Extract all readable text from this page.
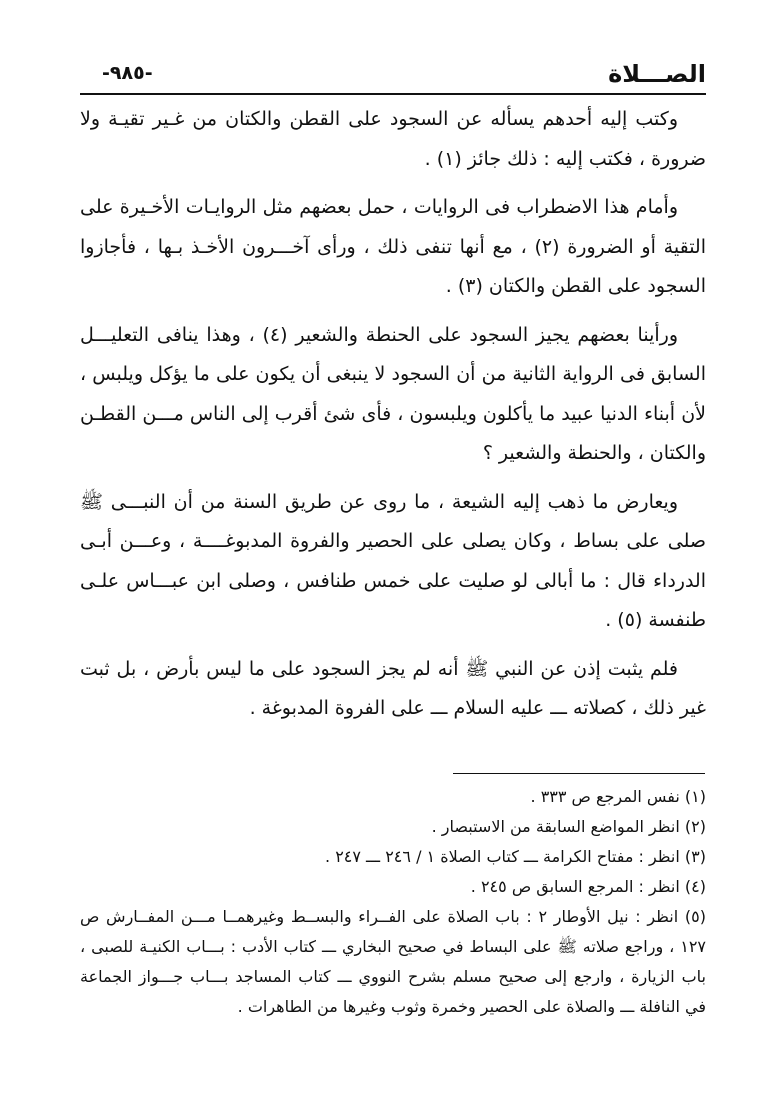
الصـــلاة
-٩٨٥-

وكتب إليه أحدهم يسأله عن السجود على القطن والكتان من غـير تقيـة ولا ضرورة ، فكتب إليه : ذلك جائز (١) .

وأمام هذا الاضطراب فى الروايات ، حمل بعضهم مثل الروايـات الأخـيرة على التقية أو الضرورة (٢) ، مع أنها تنفى ذلك ، ورأى آخـــرون الأخـذ بـها ، فأجازوا السجود على القطن والكتان (٣) .

ورأينا بعضهم يجيز السجود على الحنطة والشعير (٤) ، وهذا ينافى التعليـــل السابق فى الرواية الثانية من أن السجود لا ينبغى أن يكون على ما يؤكل ويلبس ، لأن أبناء الدنيا عبيد ما يأكلون ويلبسون ، فأى شئ أقرب إلى الناس مـــن القطـن والكتان ، والحنطة والشعير ؟

ويعارض ما ذهب إليه الشيعة ، ما روى عن طريق السنة من أن النبـــى ﷺ صلى على بساط ، وكان يصلى على الحصير والفروة المدبوغــــة ، وعـــن أبـى الدرداء قال : ما أبالى لو صليت على خمس طنافس ، وصلى ابن عبـــاس علـى طنفسة (٥) .

فلم يثبت إذن عن النبي ﷺ أنه لم يجز السجود على ما ليس بأرض ، بل ثبت غير ذلك ، كصلاته ـــ عليه السلام ـــ على الفروة المدبوغة .

(١) نفس المرجع ص ٣٣٣ .

(٢) انظر المواضع السابقة من الاستبصار .

(٣) انظر : مفتاح الكرامة ـــ كتاب الصلاة ١ / ٢٤٦ ـــ ٢٤٧ .

(٤) انظر : المرجع السابق ص ٢٤٥ .

(٥) انظر : نيل الأوطار ٢ : باب الصلاة على الفــراء والبســط وغيرهمــا مـــن المفــارش ص ١٢٧ ، وراجع صلاته ﷺ على البساط في صحيح البخاري ـــ كتاب الأدب : بـــاب الكنيـة للصبى ، باب الزيارة ، وارجع إلى صحيح مسلم بشرح النووي ـــ كتاب المساجد بـــاب جـــواز الجماعة في النافلة ـــ والصلاة على الحصير وخمرة وثوب وغيرها من الطاهرات .
